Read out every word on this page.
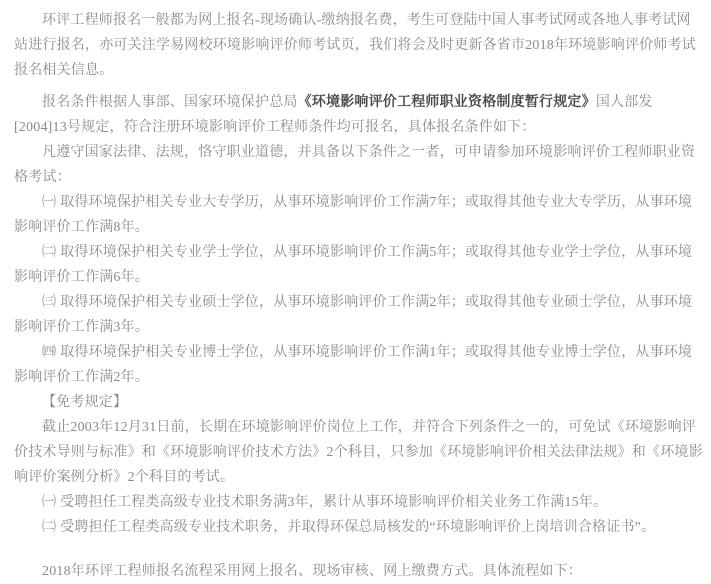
环评工程师报名一般都为网上报名-现场确认-缴纳报名费，考生可登陆中国人事考试网或各地人事考试网站进行报名，亦可关注学易网校环境影响评价师考试页，我们将会及时更新各省市2018年环境影响评价师考试报名相关信息。

报名条件根据人事部、国家环境保护总局《环境影响评价工程师职业资格制度暂行规定》国人部发[2004]13号规定，符合注册环境影响评价工程师条件均可报名，具体报名条件如下：

凡遵守国家法律、法规，恪守职业道德，并具备以下条件之一者，可申请参加环境影响评价工程师职业资格考试：

㈠ 取得环境保护相关专业大专学历，从事环境影响评价工作满7年；或取得其他专业大专学历，从事环境影响评价工作满8年。

㈡ 取得环境保护相关专业学士学位，从事环境影响评价工作满5年；或取得其他专业学士学位，从事环境影响评价工作满6年。

㈢ 取得环境保护相关专业硕士学位，从事环境影响评价工作满2年；或取得其他专业硕士学位，从事环境影响评价工作满3年。

㈣ 取得环境保护相关专业博士学位，从事环境影响评价工作满1年；或取得其他专业博士学位，从事环境影响评价工作满2年。

【免考规定】

截止2003年12月31日前，长期在环境影响评价岗位上工作，并符合下列条件之一的，可免试《环境影响评价技术导则与标准》和《环境影响评价技术方法》2个科目，只参加《环境影响评价相关法律法规》和《环境影响评价案例分析》2个科目的考试。

㈠ 受聘担任工程类高级专业技术职务满3年，累计从事环境影响评价相关业务工作满15年。

㈡ 受聘担任工程类高级专业技术职务，并取得环保总局核发的“环境影响评价上岗培训合格证书”。

2018年环评工程师报名流程采用网上报名、现场审核、网上缴费方式。具体流程如下：
